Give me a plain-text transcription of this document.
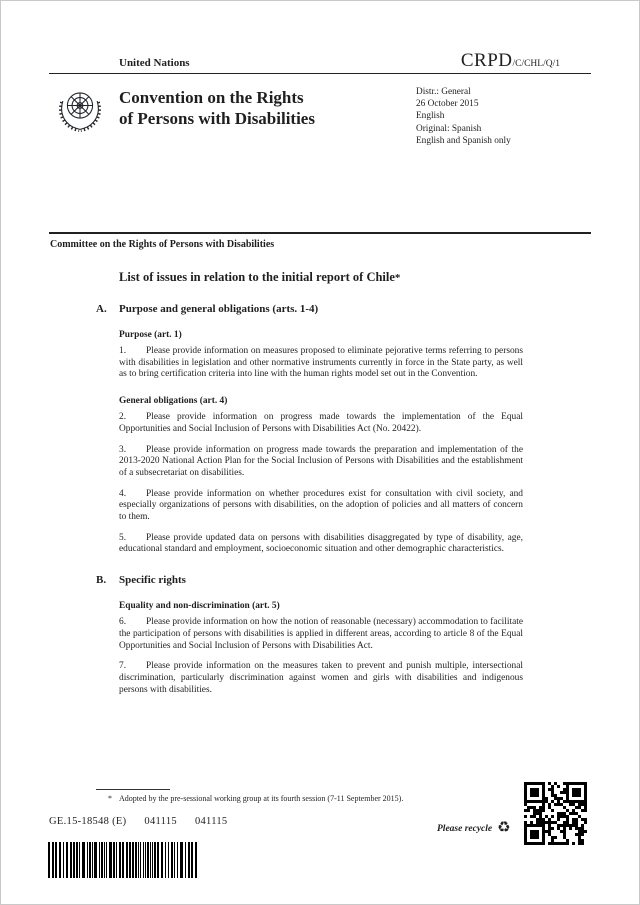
United Nations	CRPD/C/CHL/Q/1
Convention on the Rights
of Persons with Disabilities
Distr.: General
26 October 2015
English
Original: Spanish
English and Spanish only

Committee on the Rights of Persons with Disabilities

List of issues in relation to the initial report of Chile*
A.	Purpose and general obligations (arts. 1-4)
Purpose (art. 1)

1. Please provide information on measures proposed to eliminate pejorative terms referring to persons with disabilities in legislation and other normative instruments currently in force in the State party, as well as to bring certification criteria into line with the human rights model set out in the Convention.

General obligations (art. 4)

2. Please provide information on progress made towards the implementation of the Equal Opportunities and Social Inclusion of Persons with Disabilities Act (No. 20422).

3. Please provide information on progress made towards the preparation and implementation of the 2013-2020 National Action Plan for the Social Inclusion of Persons with Disabilities and the establishment of a subsecretariat on disabilities.

4. Please provide information on whether procedures exist for consultation with civil society, and especially organizations of persons with disabilities, on the adoption of policies and all matters of concern to them.

5. Please provide updated data on persons with disabilities disaggregated by type of disability, age, educational standard and employment, socioeconomic situation and other demographic characteristics.

B.	Specific rights
Equality and non-discrimination (art. 5)

6. Please provide information on how the notion of reasonable (necessary) accommodation to facilitate the participation of persons with disabilities is applied in different areas, according to article 8 of the Equal Opportunities and Social Inclusion of Persons with Disabilities Act.

7. Please provide information on the measures taken to prevent and punish multiple, intersectional discrimination, particularly discrimination against women and girls with disabilities and indigenous persons with disabilities.

* Adopted by the pre-sessional working group at its fourth session (7-11 September 2015).
GE.15-18548 (E) 041115 041115
Please recycle ♻
